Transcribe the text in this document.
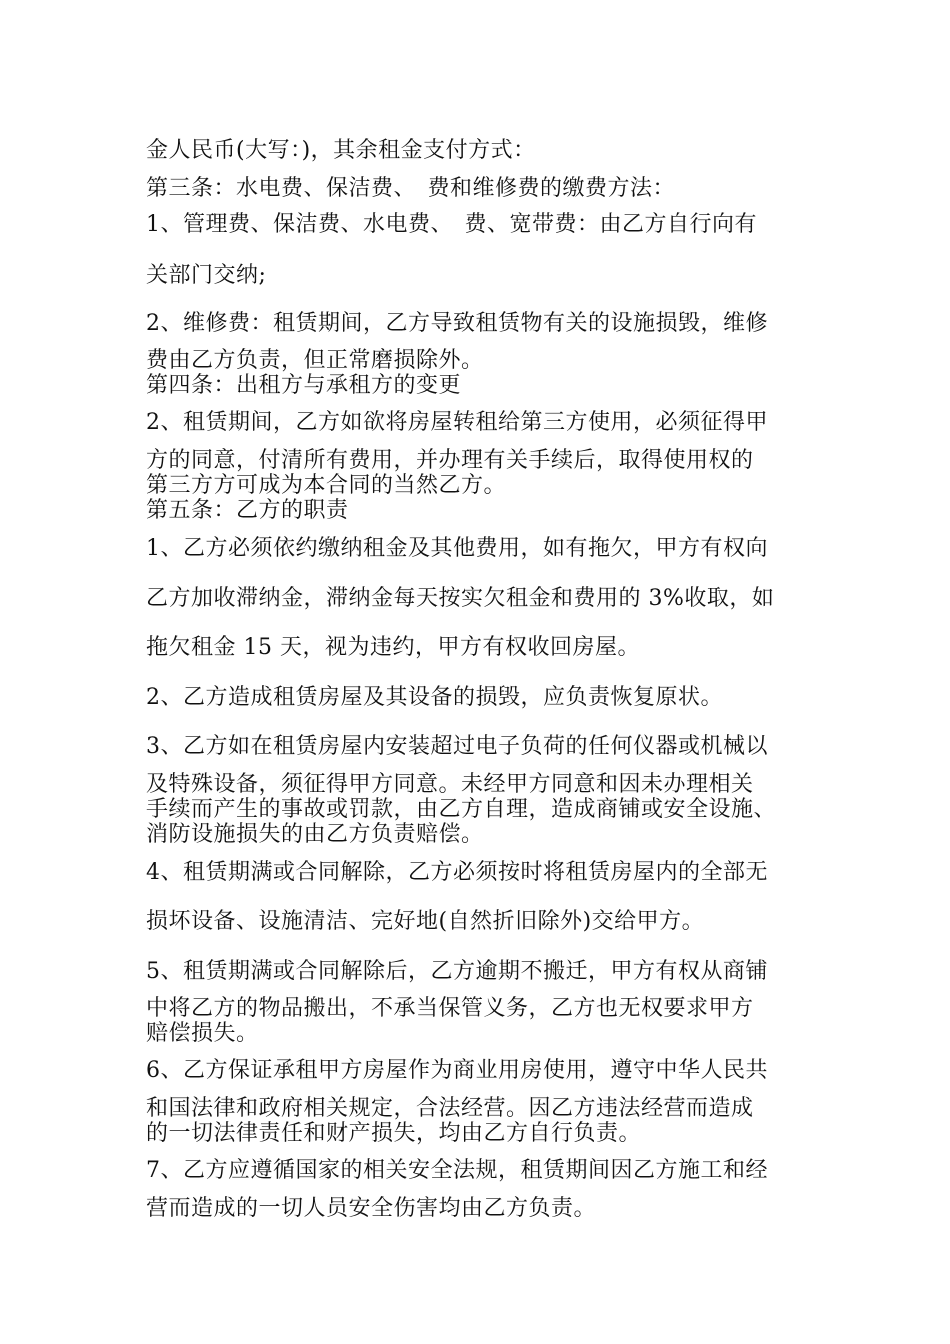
金人民币(大写：)，其余租金支付方式：
第三条：水电费、保洁费、　费和维修费的缴费方法：
1、管理费、保洁费、水电费、　费、宽带费：由乙方自行向有
关部门交纳;
2、维修费：租赁期间，乙方导致租赁物有关的设施损毁，维修
费由乙方负责，但正常磨损除外。
第四条：出租方与承租方的变更
2、租赁期间，乙方如欲将房屋转租给第三方使用，必须征得甲
方的同意，付清所有费用，并办理有关手续后，取得使用权的
第三方方可成为本合同的当然乙方。
第五条：乙方的职责
1、乙方必须依约缴纳租金及其他费用，如有拖欠，甲方有权向
乙方加收滞纳金，滞纳金每天按实欠租金和费用的 3%收取，如
拖欠租金 15 天，视为违约，甲方有权收回房屋。
2、乙方造成租赁房屋及其设备的损毁，应负责恢复原状。
3、乙方如在租赁房屋内安装超过电子负荷的任何仪器或机械以
及特殊设备，须征得甲方同意。未经甲方同意和因未办理相关
手续而产生的事故或罚款，由乙方自理，造成商铺或安全设施、
消防设施损失的由乙方负责赔偿。
4、租赁期满或合同解除，乙方必须按时将租赁房屋内的全部无
损坏设备、设施清洁、完好地(自然折旧除外)交给甲方。
5、租赁期满或合同解除后，乙方逾期不搬迁，甲方有权从商铺
中将乙方的物品搬出，不承当保管义务，乙方也无权要求甲方
赔偿损失。
6、乙方保证承租甲方房屋作为商业用房使用，遵守中华人民共
和国法律和政府相关规定，合法经营。因乙方违法经营而造成
的一切法律责任和财产损失，均由乙方自行负责。
7、乙方应遵循国家的相关安全法规，租赁期间因乙方施工和经
营而造成的一切人员安全伤害均由乙方负责。
